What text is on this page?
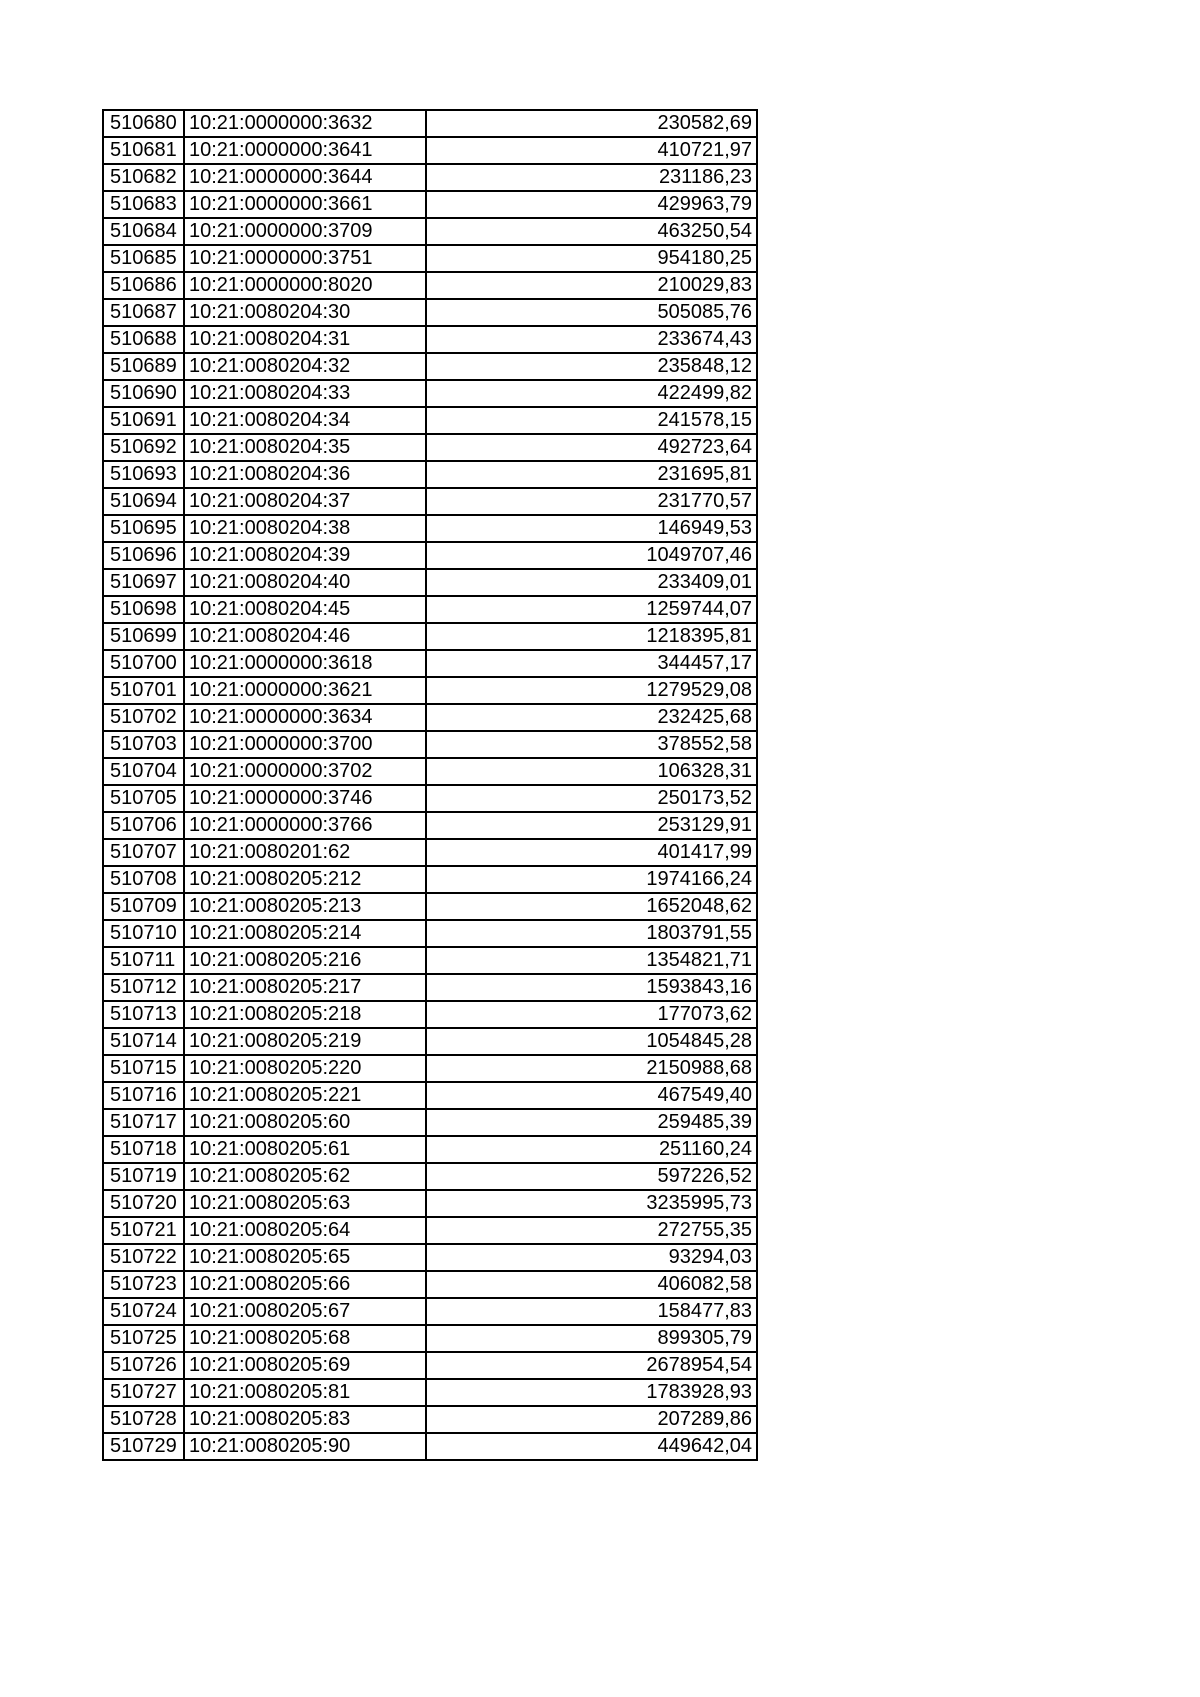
510680	10:21:0000000:3632	230582,69
510681	10:21:0000000:3641	410721,97
510682	10:21:0000000:3644	231186,23
510683	10:21:0000000:3661	429963,79
510684	10:21:0000000:3709	463250,54
510685	10:21:0000000:3751	954180,25
510686	10:21:0000000:8020	210029,83
510687	10:21:0080204:30	505085,76
510688	10:21:0080204:31	233674,43
510689	10:21:0080204:32	235848,12
510690	10:21:0080204:33	422499,82
510691	10:21:0080204:34	241578,15
510692	10:21:0080204:35	492723,64
510693	10:21:0080204:36	231695,81
510694	10:21:0080204:37	231770,57
510695	10:21:0080204:38	146949,53
510696	10:21:0080204:39	1049707,46
510697	10:21:0080204:40	233409,01
510698	10:21:0080204:45	1259744,07
510699	10:21:0080204:46	1218395,81
510700	10:21:0000000:3618	344457,17
510701	10:21:0000000:3621	1279529,08
510702	10:21:0000000:3634	232425,68
510703	10:21:0000000:3700	378552,58
510704	10:21:0000000:3702	106328,31
510705	10:21:0000000:3746	250173,52
510706	10:21:0000000:3766	253129,91
510707	10:21:0080201:62	401417,99
510708	10:21:0080205:212	1974166,24
510709	10:21:0080205:213	1652048,62
510710	10:21:0080205:214	1803791,55
510711	10:21:0080205:216	1354821,71
510712	10:21:0080205:217	1593843,16
510713	10:21:0080205:218	177073,62
510714	10:21:0080205:219	1054845,28
510715	10:21:0080205:220	2150988,68
510716	10:21:0080205:221	467549,40
510717	10:21:0080205:60	259485,39
510718	10:21:0080205:61	251160,24
510719	10:21:0080205:62	597226,52
510720	10:21:0080205:63	3235995,73
510721	10:21:0080205:64	272755,35
510722	10:21:0080205:65	93294,03
510723	10:21:0080205:66	406082,58
510724	10:21:0080205:67	158477,83
510725	10:21:0080205:68	899305,79
510726	10:21:0080205:69	2678954,54
510727	10:21:0080205:81	1783928,93
510728	10:21:0080205:83	207289,86
510729	10:21:0080205:90	449642,04
